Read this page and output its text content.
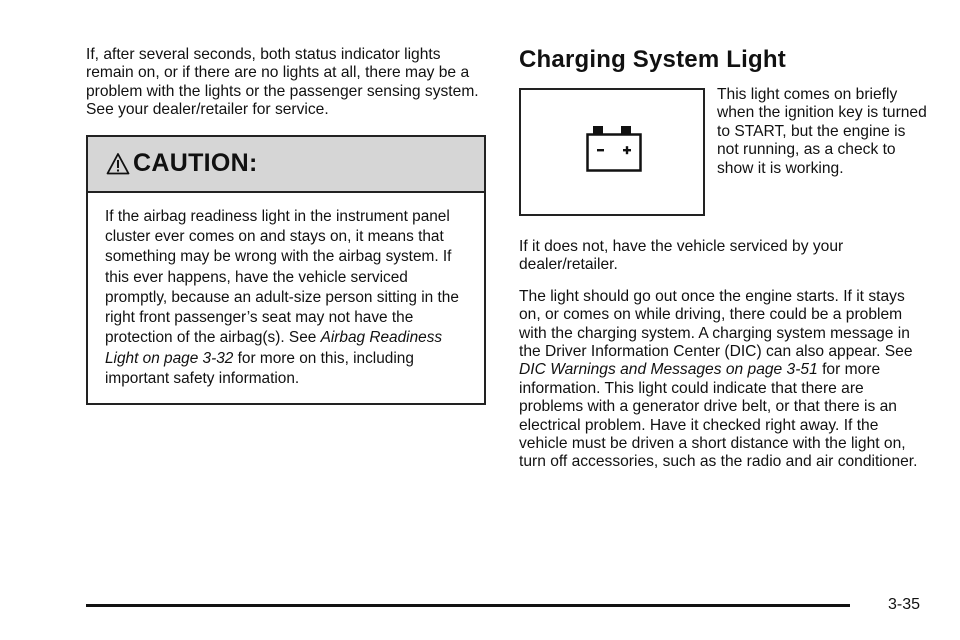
If, after several seconds, both status indicator lights remain on, or if there are no lights at all, there may be a problem with the lights or the passenger sensing system. See your dealer/retailer for service.

CAUTION:
If the airbag readiness light in the instrument panel cluster ever comes on and stays on, it means that something may be wrong with the airbag system. If this ever happens, have the vehicle serviced promptly, because an adult-size person sitting in the right front passenger’s seat may not have the protection of the airbag(s). See Airbag Readiness Light on page 3-32 for more on this, including important safety information.
Charging System Light

This light comes on briefly when the ignition key is turned to START, but the engine is not running, as a check to show it is working.

If it does not, have the vehicle serviced by your dealer/retailer.

The light should go out once the engine starts. If it stays on, or comes on while driving, there could be a problem with the charging system. A charging system message in the Driver Information Center (DIC) can also appear. See DIC Warnings and Messages on page 3-51 for more information. This light could indicate that there are problems with a generator drive belt, or that there is an electrical problem. Have it checked right away. If the vehicle must be driven a short distance with the light on, turn off accessories, such as the radio and air conditioner.

3-35
